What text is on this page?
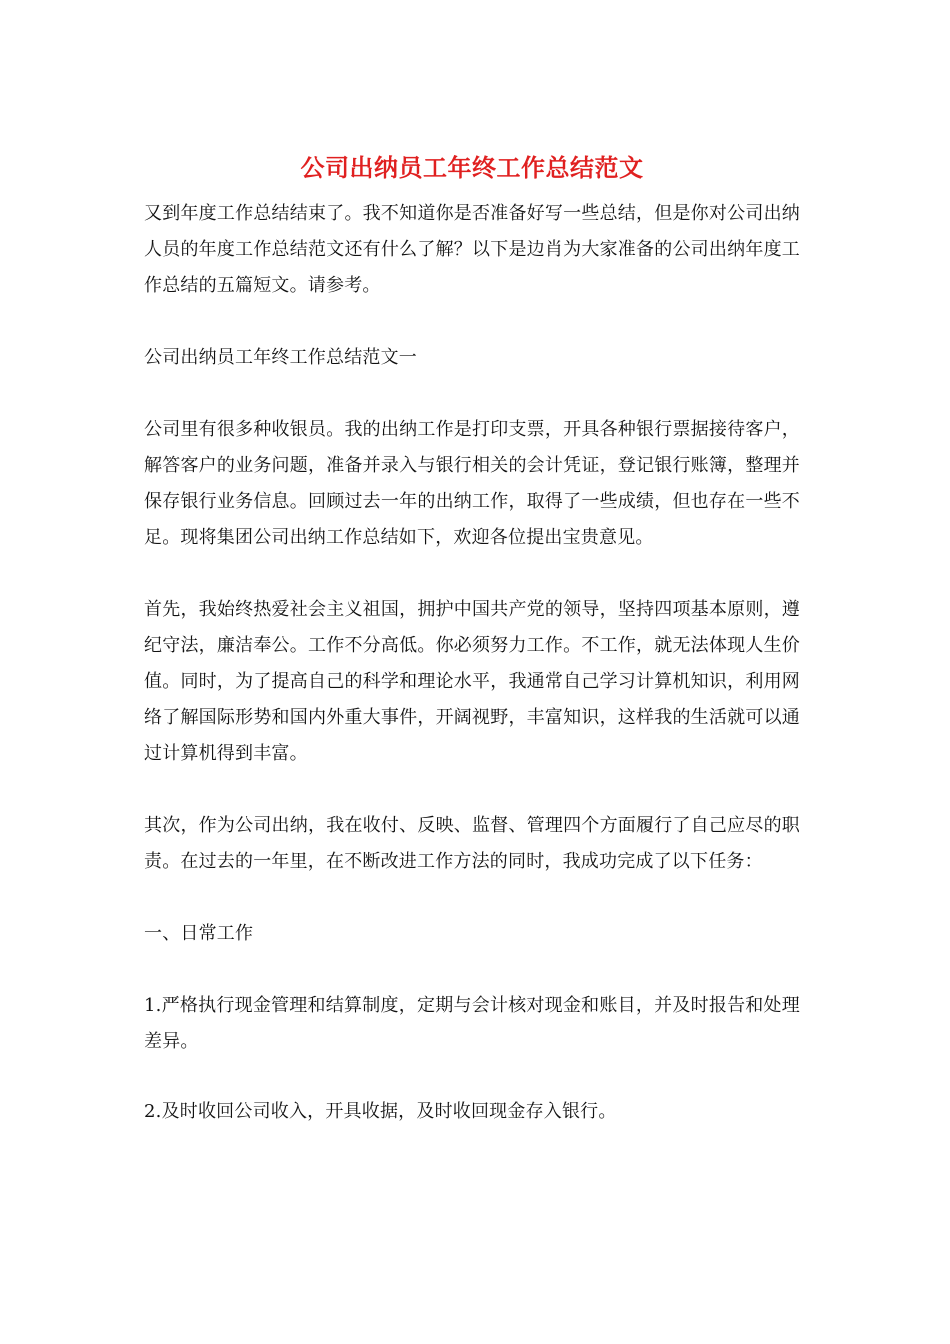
公司出纳员工年终工作总结范文

又到年度工作总结结束了。我不知道你是否准备好写一些总结，但是你对公司出纳人员的年度工作总结范文还有什么了解？以下是边肖为大家准备的公司出纳年度工作总结的五篇短文。请参考。

公司出纳员工年终工作总结范文一

公司里有很多种收银员。我的出纳工作是打印支票，开具各种银行票据接待客户，解答客户的业务问题，准备并录入与银行相关的会计凭证，登记银行账簿，整理并保存银行业务信息。回顾过去一年的出纳工作，取得了一些成绩，但也存在一些不足。现将集团公司出纳工作总结如下，欢迎各位提出宝贵意见。

首先，我始终热爱社会主义祖国，拥护中国共产党的领导，坚持四项基本原则，遵纪守法，廉洁奉公。工作不分高低。你必须努力工作。不工作，就无法体现人生价值。同时，为了提高自己的科学和理论水平，我通常自己学习计算机知识，利用网络了解国际形势和国内外重大事件，开阔视野，丰富知识，这样我的生活就可以通过计算机得到丰富。

其次，作为公司出纳，我在收付、反映、监督、管理四个方面履行了自己应尽的职责。在过去的一年里，在不断改进工作方法的同时，我成功完成了以下任务：

一、日常工作

1.严格执行现金管理和结算制度，定期与会计核对现金和账目，并及时报告和处理差异。

2.及时收回公司收入，开具收据，及时收回现金存入银行。
